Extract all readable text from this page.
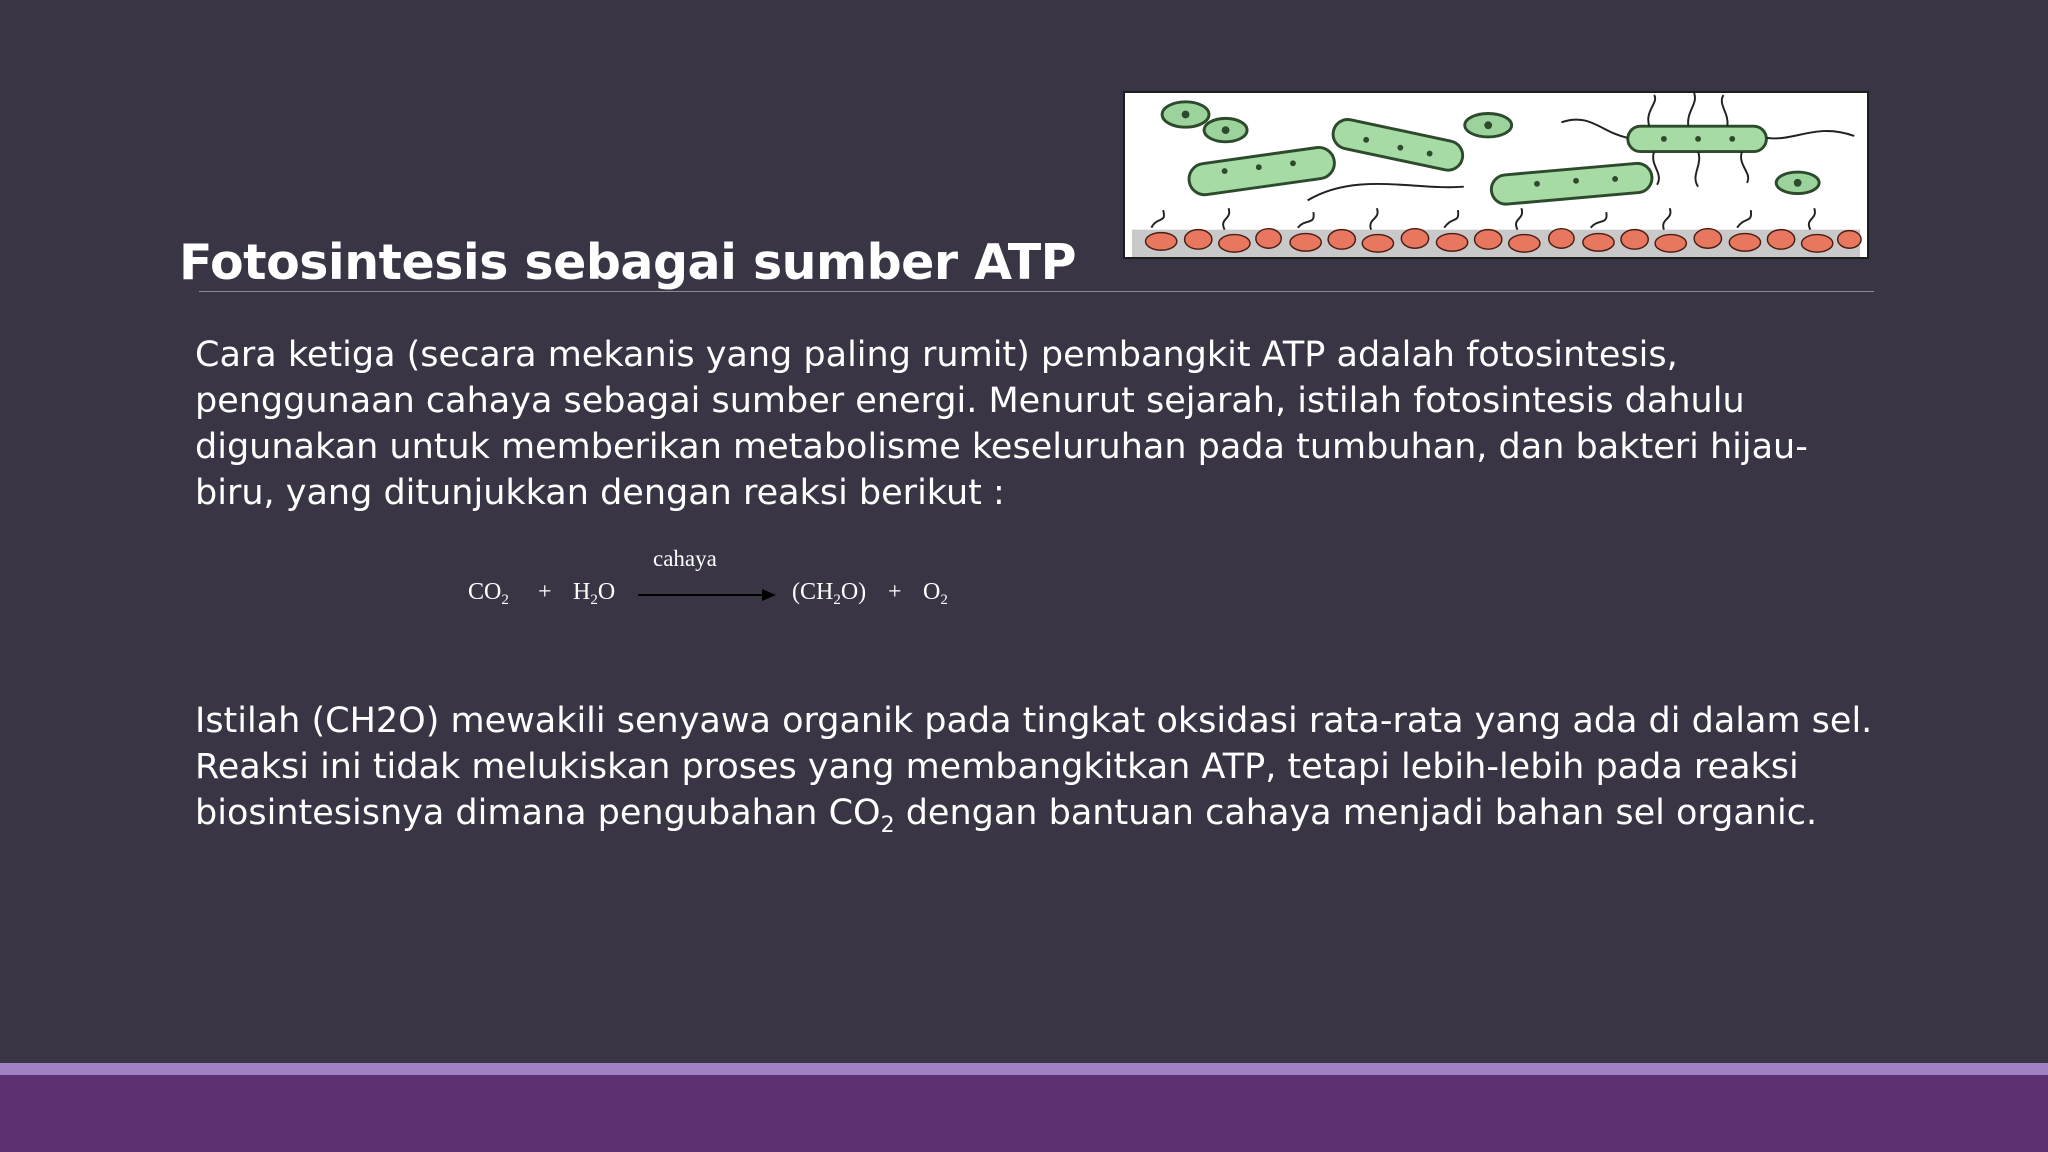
Fotosintesis sebagai sumber ATP

Cara ketiga (secara mekanis yang paling rumit) pembangkit ATP adalah fotosintesis, penggunaan cahaya sebagai sumber energi. Menurut sejarah, istilah fotosintesis dahulu digunakan untuk memberikan metabolisme keseluruhan pada tumbuhan, dan bakteri hijau-biru, yang ditunjukkan dengan reaksi berikut :

cahaya
$CO_2 + H_2O$	$(CH_2O) + O_2$

Istilah (CH2O) mewakili senyawa organik pada tingkat oksidasi rata-rata yang ada di dalam sel. Reaksi ini tidak melukiskan proses yang membangkitkan ATP, tetapi lebih-lebih pada reaksi biosintesisnya dimana pengubahan $CO_2$ dengan bantuan cahaya menjadi bahan sel organic.
